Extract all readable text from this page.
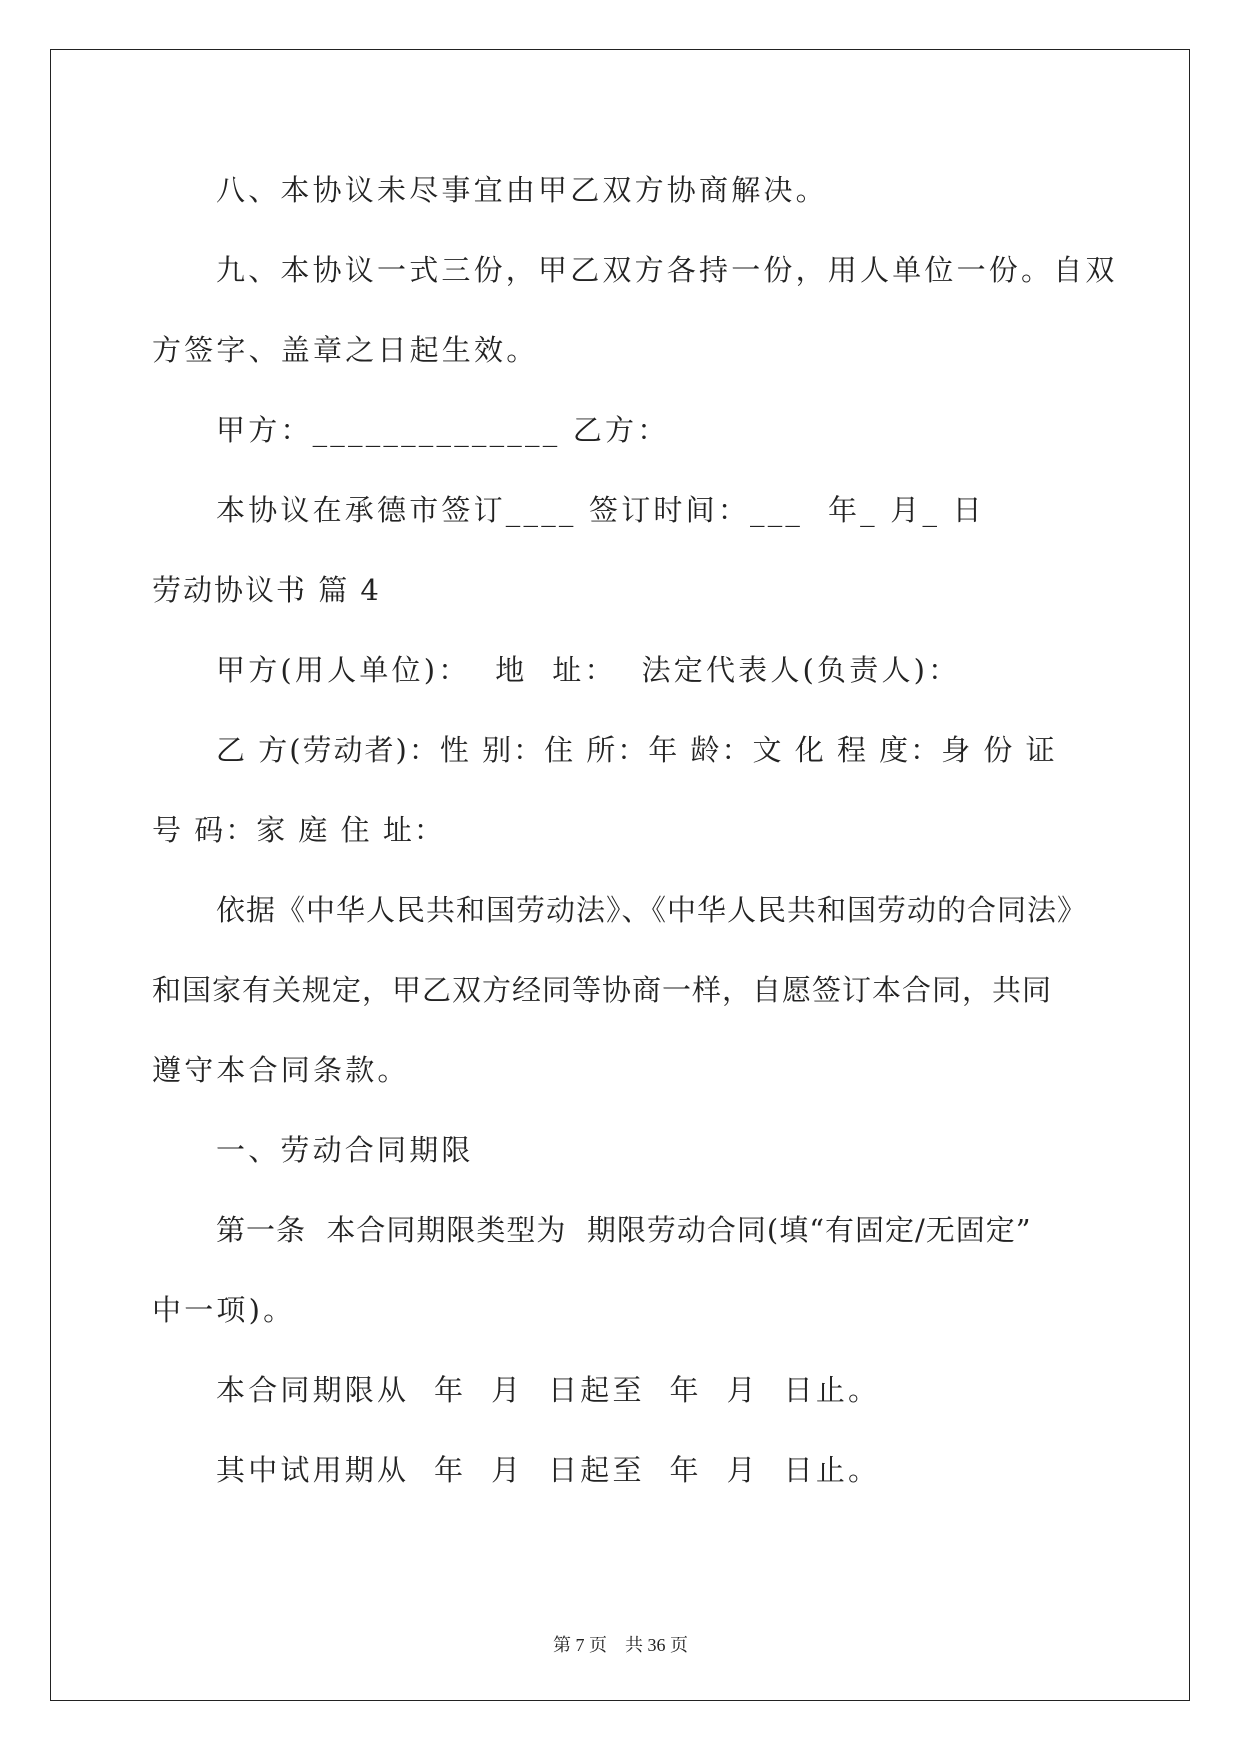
八、本协议未尽事宜由甲乙双方协商解决。
九、本协议一式三份，甲乙双方各持一份，用人单位一份。自双
方签字、盖章之日起生效。
甲方：______________ 乙方：
本协议在承德市签订____ 签订时间：___  年_ 月_ 日
劳动协议书 篇 4
甲方(用人单位)：  地  址：  法定代表人(负责人)：
乙 方(劳动者)：性 别：住 所：年 龄：文 化 程 度：身 份 证
号 码：家 庭 住 址：
依据《中华人民共和国劳动法》、《中华人民共和国劳动的合同法》
和国家有关规定，甲乙双方经同等协商一样，自愿签订本合同，共同
遵守本合同条款。
一、劳动合同期限
第一条  本合同期限类型为  期限劳动合同(填“有固定/无固定”
中一项)。
本合同期限从  年  月  日起至  年  月  日止。
其中试用期从  年  月  日起至  年  月  日止。
第 7 页    共 36 页
